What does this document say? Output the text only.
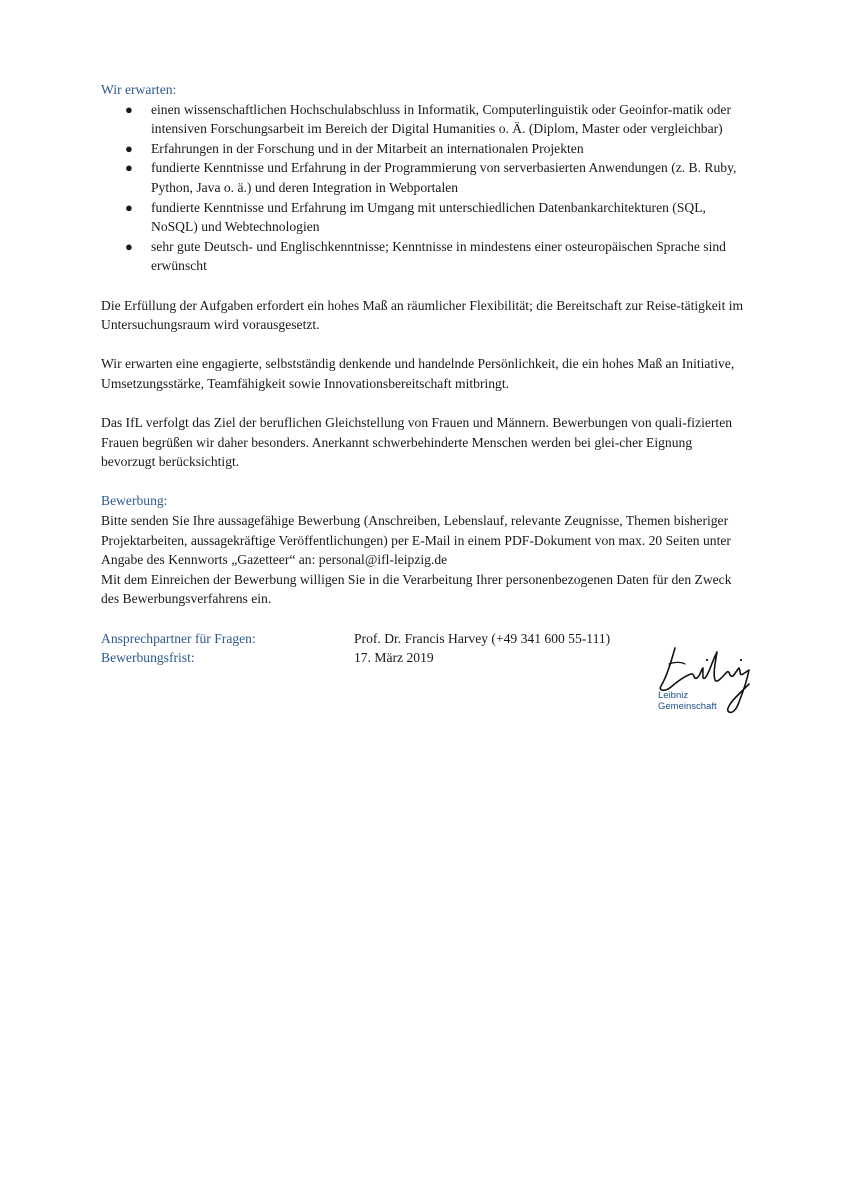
Wir erwarten:
● einen wissenschaftlichen Hochschulabschluss in Informatik, Computerlinguistik oder Geoinfor-matik oder intensiven Forschungsarbeit im Bereich der Digital Humanities o. Ä. (Diplom, Master oder vergleichbar)
● Erfahrungen in der Forschung und in der Mitarbeit an internationalen Projekten
● fundierte Kenntnisse und Erfahrung in der Programmierung von serverbasierten Anwendungen (z. B. Ruby, Python, Java o. ä.) und deren Integration in Webportalen
● fundierte Kenntnisse und Erfahrung im Umgang mit unterschiedlichen Datenbankarchitekturen (SQL, NoSQL) und Webtechnologien
● sehr gute Deutsch- und Englischkenntnisse; Kenntnisse in mindestens einer osteuropäischen Sprache sind erwünscht

Die Erfüllung der Aufgaben erfordert ein hohes Maß an räumlicher Flexibilität; die Bereitschaft zur Reise-tätigkeit im Untersuchungsraum wird vorausgesetzt.

Wir erwarten eine engagierte, selbstständig denkende und handelnde Persönlichkeit, die ein hohes Maß an Initiative, Umsetzungsstärke, Teamfähigkeit sowie Innovationsbereitschaft mitbringt.

Das IfL verfolgt das Ziel der beruflichen Gleichstellung von Frauen und Männern. Bewerbungen von quali-fizierten Frauen begrüßen wir daher besonders. Anerkannt schwerbehinderte Menschen werden bei glei-cher Eignung bevorzugt berücksichtigt.

Bewerbung:

Bitte senden Sie Ihre aussagefähige Bewerbung (Anschreiben, Lebenslauf, relevante Zeugnisse, Themen bisheriger Projektarbeiten, aussagekräftige Veröffentlichungen) per E-Mail in einem PDF-Dokument von max. 20 Seiten unter Angabe des Kennworts „Gazetteer“ an: personal@ifl-leipzig.de

Mit dem Einreichen der Bewerbung willigen Sie in die Verarbeitung Ihrer personenbezogenen Daten für den Zweck des Bewerbungsverfahrens ein.

Ansprechpartner für Fragen:	Prof. Dr. Francis Harvey (+49 341 600 55-111)
Bewerbungsfrist:	17. März 2019
Leibniz
Gemeinschaft
